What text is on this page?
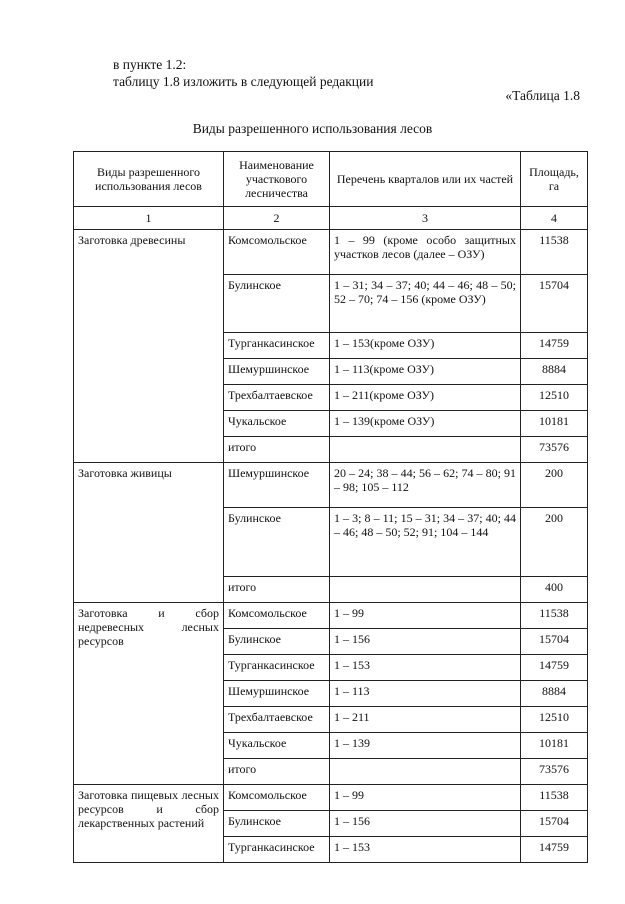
в пункте 1.2:
таблицу 1.8 изложить в следующей редакции
«Таблица 1.8
Виды разрешенного использования лесов
Виды разрешенного использования лесов	Наименование участкового лесничества	Перечень кварталов или их частей	Площадь, га
1	2	3	4
Заготовка древесины	Комсомольское	1 – 99 (кроме особо защитных участков лесов (далее – ОЗУ)	11538
	Булинское	1 – 31; 34 – 37; 40; 44 – 46; 48 – 50; 52 – 70; 74 – 156 (кроме ОЗУ)	15704
	Турганкасинское	1 – 153(кроме ОЗУ)	14759
	Шемуршинское	1 – 113(кроме ОЗУ)	8884
	Трехбалтаевское	1 – 211(кроме ОЗУ)	12510
	Чукальское	1 – 139(кроме ОЗУ)	10181
	итого		73576
Заготовка живицы	Шемуршинское	20 – 24; 38 – 44; 56 – 62; 74 – 80; 91 – 98; 105 – 112	200
	Булинское	1 – 3; 8 – 11; 15 – 31; 34 – 37; 40; 44 – 46; 48 – 50; 52; 91; 104 – 144	200
	итого		400
Заготовка и сбор недревесных лесных ресурсов	Комсомольское	1 – 99	11538
	Булинское	1 – 156	15704
	Турганкасинское	1 – 153	14759
	Шемуршинское	1 – 113	8884
	Трехбалтаевское	1 – 211	12510
	Чукальское	1 – 139	10181
	итого		73576
Заготовка пищевых лесных ресурсов и сбор лекарственных растений	Комсомольское	1 – 99	11538
	Булинское	1 – 156	15704
	Турганкасинское	1 – 153	14759
